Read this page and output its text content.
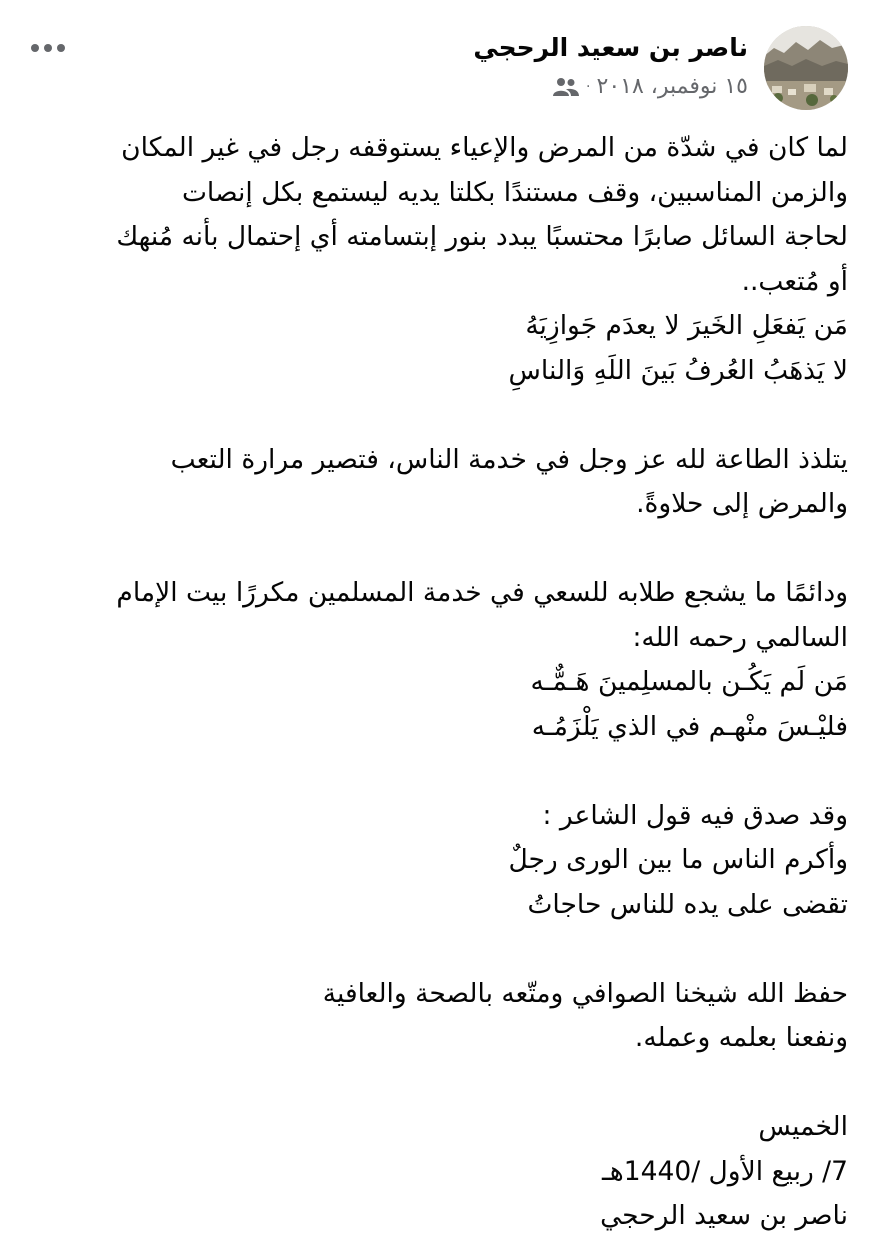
ناصر بن سعيد الرحجي
١٥ نوفمبر، ٢٠١٨
·

لما كان في شدّة من المرض والإعياء يستوقفه رجل في غير المكان

والزمن المناسبين، وقف مستندًا بكلتا يديه ليستمع بكل إنصات

لحاجة السائل صابرًا محتسبًا يبدد بنور إبتسامته أي إحتمال بأنه مُنهك

أو مُتعب..

مَن يَفعَلِ الخَيرَ لا يعدَم جَوازِيَهُ

لا يَذهَبُ العُرفُ بَينَ اللَهِ وَالناسِ

يتلذذ الطاعة لله عز وجل في خدمة الناس، فتصير مرارة التعب

والمرض إلى حلاوةً.

ودائمًا ما يشجع طلابه للسعي في خدمة المسلمين مكررًا بيت الإمام

السالمي رحمه الله:

مَن لَم يَكُـن بالمسلِمينَ هَـمٌّـه

فليْـسَ منْهـم في الذي يَلْزَمُـه

وقد صدق فيه قول الشاعر :

وأكرم الناس ما بين الورى رجلٌ

تقضى على يده للناس حاجاتُ

حفظ الله شيخنا الصوافي ومتّعه بالصحة والعافية

ونفعنا بعلمه وعمله.

الخميس

7/ ربيع الأول /1440هـ

ناصر بن سعيد الرحجي
